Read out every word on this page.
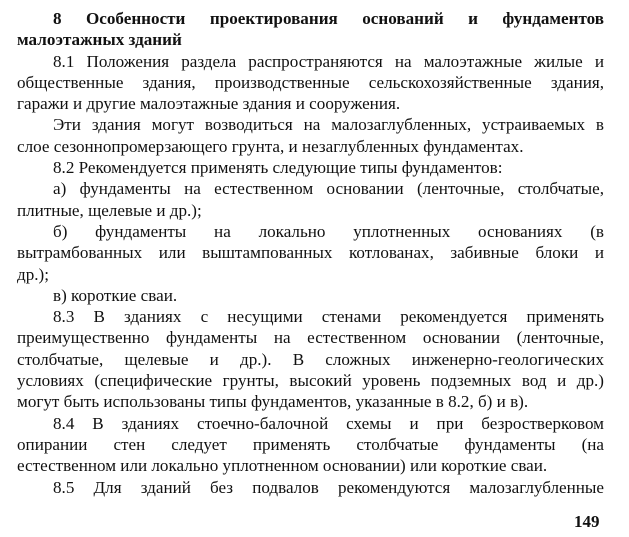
8 Особенности проектирования оснований и фундаментов
малоэтажных зданий
8.1 Положения раздела распространяются на малоэтажные жилые и
общественные здания, производственные сельскохозяйственные здания,
гаражи и другие малоэтажные здания и сооружения.
Эти здания могут возводиться на малозаглубленных, устраиваемых в
слое сезоннопромерзающего грунта, и незаглубленных фундаментах.
8.2 Рекомендуется применять следующие типы фундаментов:
а) фундаменты на естественном основании (ленточные, столбчатые,
плитные, щелевые и др.);
б) фундаменты на локально уплотненных основаниях (в
вытрамбованных или выштампованных котлованах, забивные блоки и
др.);
в) короткие сваи.
8.3 В зданиях с несущими стенами рекомендуется применять
преимущественно фундаменты на естественном основании (ленточные,
столбчатые, щелевые и др.). В сложных инженерно-геологических
условиях (специфические грунты, высокий уровень подземных вод и др.)
могут быть использованы типы фундаментов, указанные в 8.2, б) и в).
8.4 В зданиях стоечно-балочной схемы и при безростверковом
опирании стен следует применять столбчатые фундаменты (на
естественном или локально уплотненном основании) или короткие сваи.
8.5 Для зданий без подвалов рекомендуются малозаглубленные
149
